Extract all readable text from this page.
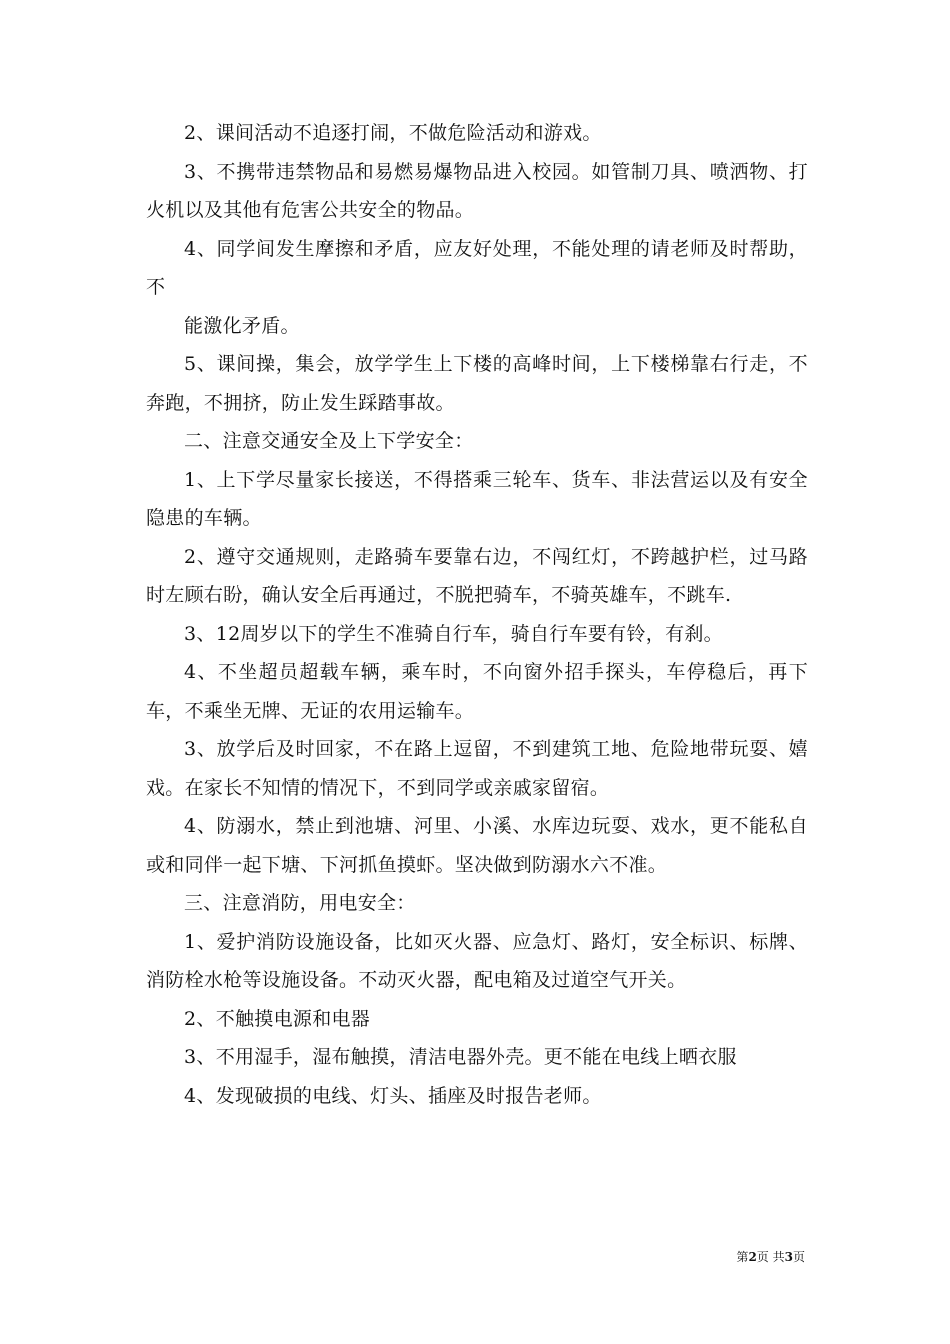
2、课间活动不追逐打闹，不做危险活动和游戏。

3、不携带违禁物品和易燃易爆物品进入校园。如管制刀具、喷洒物、打火机以及其他有危害公共安全的物品。

4、同学间发生摩擦和矛盾，应友好处理，不能处理的请老师及时帮助，不

能激化矛盾。

5、课间操，集会，放学学生上下楼的高峰时间，上下楼梯靠右行走，不奔跑，不拥挤，防止发生踩踏事故。

二、注意交通安全及上下学安全：

1、上下学尽量家长接送，不得搭乘三轮车、货车、非法营运以及有安全隐患的车辆。

2、遵守交通规则，走路骑车要靠右边，不闯红灯，不跨越护栏，过马路时左顾右盼，确认安全后再通过，不脱把骑车，不骑英雄车，不跳车.

3、12周岁以下的学生不准骑自行车，骑自行车要有铃，有刹。

4、不坐超员超载车辆，乘车时，不向窗外招手探头，车停稳后，再下车，不乘坐无牌、无证的农用运输车。

3、放学后及时回家，不在路上逗留，不到建筑工地、危险地带玩耍、嬉戏。在家长不知情的情况下，不到同学或亲戚家留宿。

4、防溺水，禁止到池塘、河里、小溪、水库边玩耍、戏水，更不能私自或和同伴一起下塘、下河抓鱼摸虾。坚决做到防溺水六不准。

三、注意消防，用电安全：

1、爱护消防设施设备，比如灭火器、应急灯、路灯，安全标识、标牌、消防栓水枪等设施设备。不动灭火器，配电箱及过道空气开关。

2、不触摸电源和电器

3、不用湿手，湿布触摸，清洁电器外壳。更不能在电线上晒衣服

4、发现破损的电线、灯头、插座及时报告老师。

第2页 共3页
